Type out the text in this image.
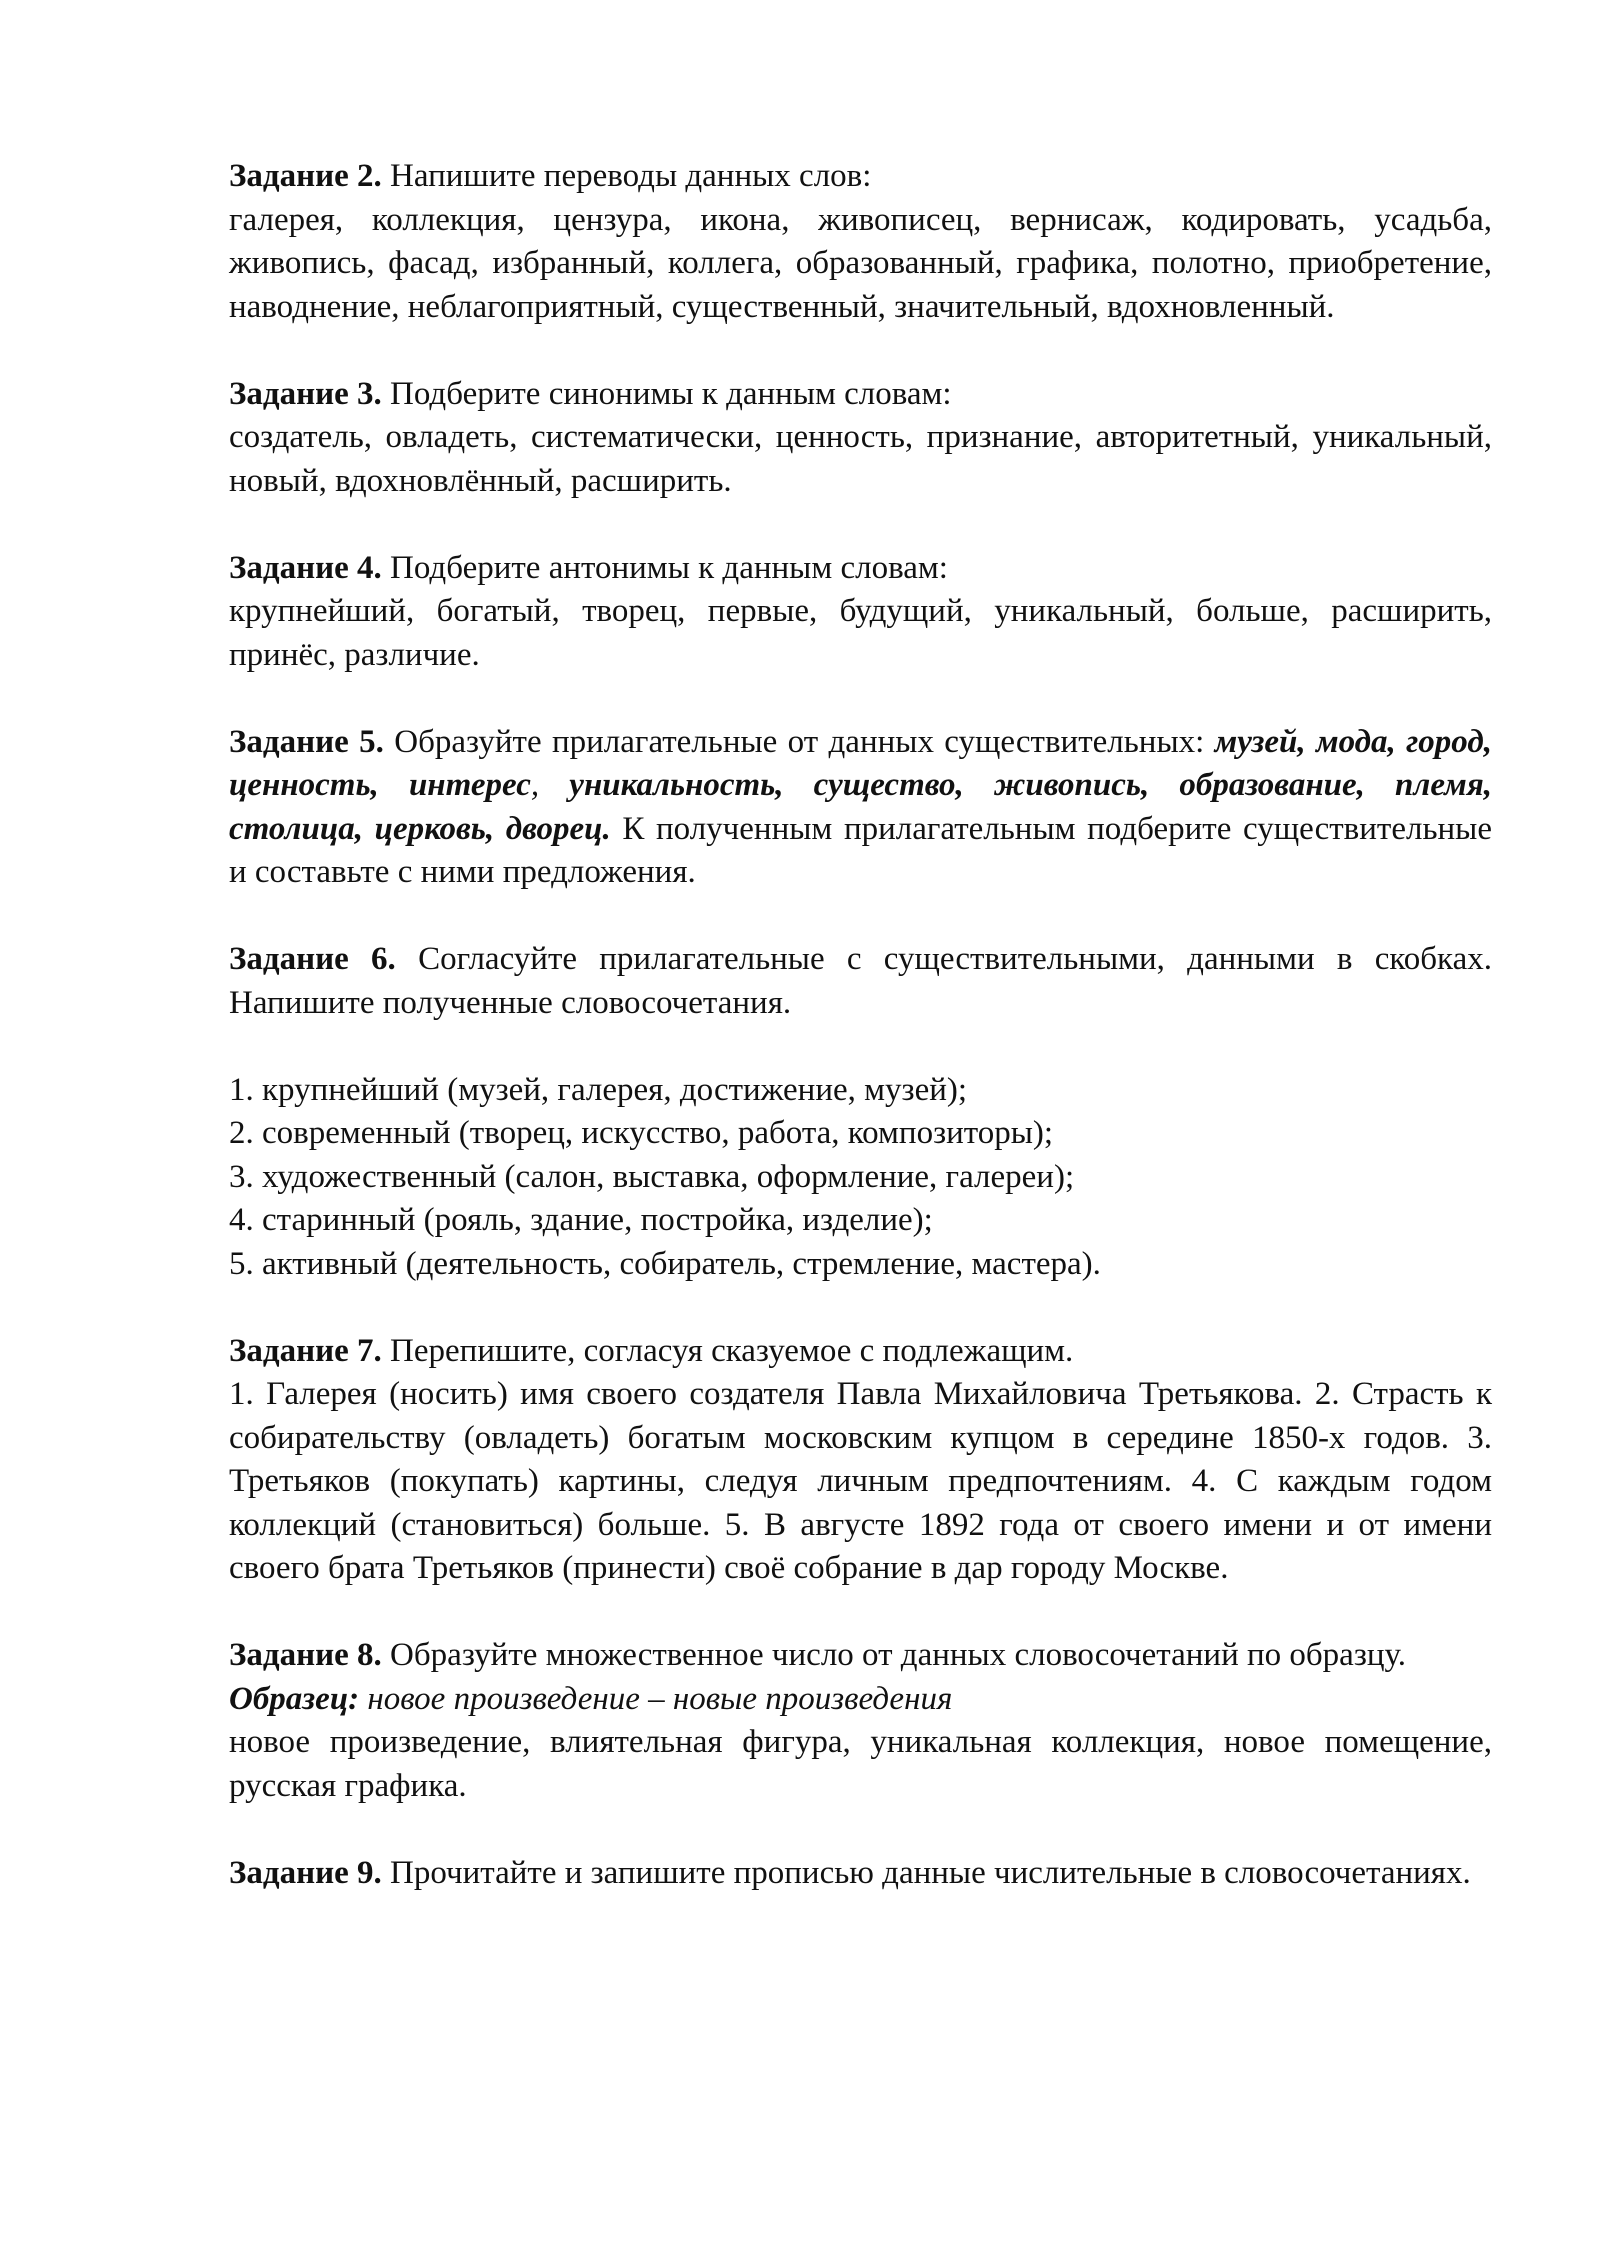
Задание 2. Напишите переводы данных слов:

галерея, коллекция, цензура, икона, живописец, вернисаж, кодировать, усадьба, живопись, фасад, избранный, коллега, образованный, графика, полотно, приобретение, наводнение, неблагоприятный, существенный, значительный, вдохновленный.

Задание 3. Подберите синонимы к данным словам:

создатель, овладеть, систематически, ценность, признание, авторитетный, уникальный, новый, вдохновлённый, расширить.

Задание 4. Подберите антонимы к данным словам:

крупнейший, богатый, творец, первые, будущий, уникальный, больше, расширить, принёс, различие.

Задание 5. Образуйте прилагательные от данных существительных: музей, мода, город, ценность, интерес, уникальность, существо, живопись, образование, племя, столица, церковь, дворец. К полученным прилагательным подберите существительные и составьте с ними предложения.

Задание 6. Согласуйте прилагательные с существительными, данными в скобках. Напишите полученные словосочетания.

1. крупнейший (музей, галерея, достижение, музей);

2. современный (творец, искусство, работа, композиторы);

3. художественный (салон, выставка, оформление, галереи);

4. старинный (рояль, здание, постройка, изделие);

5. активный (деятельность, собиратель, стремление, мастера).

Задание 7. Перепишите, согласуя сказуемое с подлежащим.

1. Галерея (носить) имя своего создателя Павла Михайловича Третьякова. 2. Страсть к собирательству (овладеть) богатым московским купцом в середине 1850-х годов. 3. Третьяков (покупать) картины, следуя личным предпочтениям. 4. С каждым годом коллекций (становиться) больше. 5. В августе 1892 года от своего имени и от имени своего брата Третьяков (принести) своё собрание в дар городу Москве.

Задание 8. Образуйте множественное число от данных словосочетаний по образцу.

Образец: новое произведение – новые произведения

новое произведение, влиятельная фигура, уникальная коллекция, новое помещение, русская графика.

Задание 9. Прочитайте и запишите прописью данные числительные в словосочетаниях.
